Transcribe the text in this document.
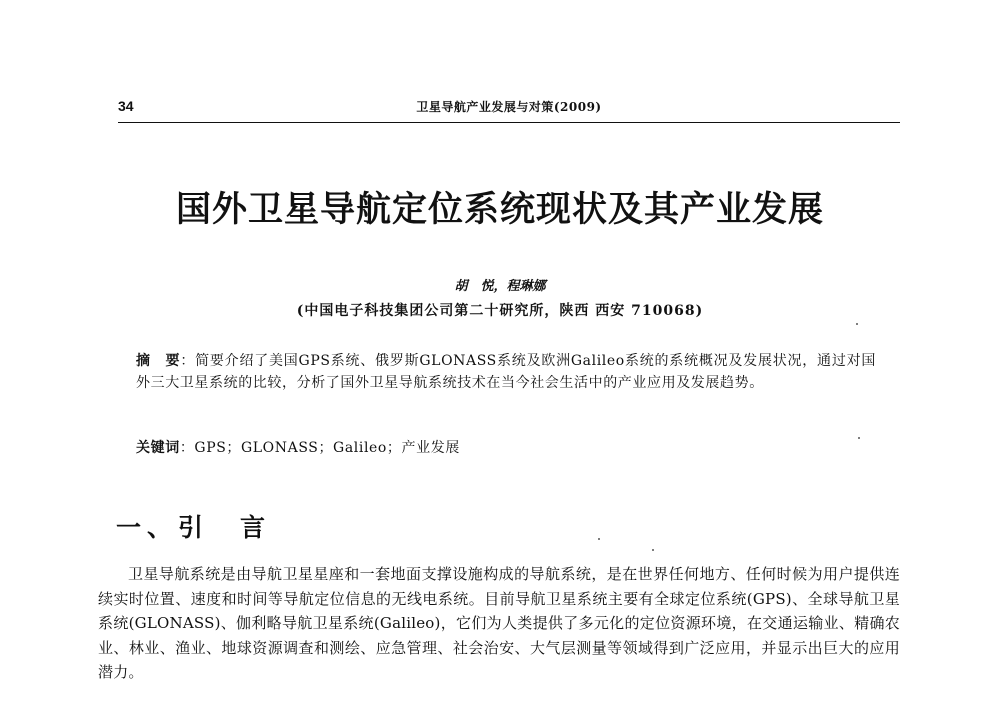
34	卫星导航产业发展与对策(2009)
国外卫星导航定位系统现状及其产业发展
胡　悦，程琳娜
(中国电子科技集团公司第二十研究所，陕西 西安 710068)
摘　要：简要介绍了美国GPS系统、俄罗斯GLONASS系统及欧洲Galileo系统的系统概况及发展状况，通过对国外三大卫星系统的比较，分析了国外卫星导航系统技术在当今社会生活中的产业应用及发展趋势。
关键词：GPS；GLONASS；Galileo；产业发展
一、引　言
卫星导航系统是由导航卫星星座和一套地面支撑设施构成的导航系统，是在世界任何地方、任何时候为用户提供连续实时位置、速度和时间等导航定位信息的无线电系统。目前导航卫星系统主要有全球定位系统(GPS)、全球导航卫星系统(GLONASS)、伽利略导航卫星系统(Galileo)，它们为人类提供了多元化的定位资源环境，在交通运输业、精确农业、林业、渔业、地球资源调查和测绘、应急管理、社会治安、大气层测量等领域得到广泛应用，并显示出巨大的应用潜力。
